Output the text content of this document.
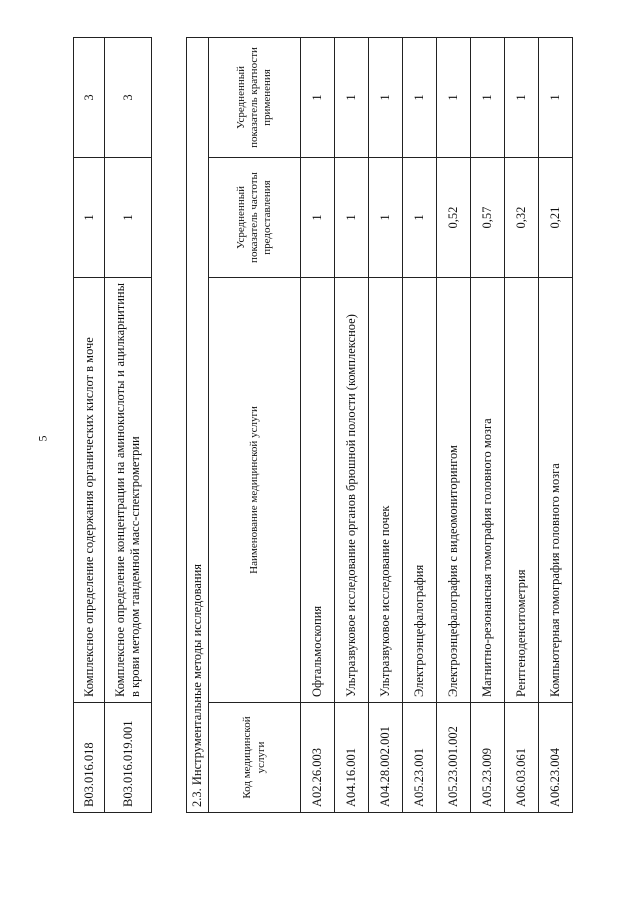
5
B03.016.018	Комплексное определение содержания органических кислот в моче	1	3
B03.016.019.001	Комплексное определение концентрации на аминокислоты и ацилкарнитины в крови методом тандемной масс-спектрометрии	1	3
2.3. Инструментальные методы исследования			
Код медицинской услуги	Наименование медицинской услуги	Усредненный показатель частоты предоставления	Усредненный показатель кратности применения
A02.26.003	Офтальмоскопия	1	1
A04.16.001	Ультразвуковое исследование органов брюшной полости (комплексное)	1	1
A04.28.002.001	Ультразвуковое исследование почек	1	1
A05.23.001	Электроэнцефалография	1	1
A05.23.001.002	Электроэнцефалография с видеомониторингом	0,52	1
A05.23.009	Магнитно-резонансная томография головного мозга	0,57	1
A06.03.061	Рентгеноденситометрия	0,32	1
A06.23.004	Компьютерная томография головного мозга	0,21	1
